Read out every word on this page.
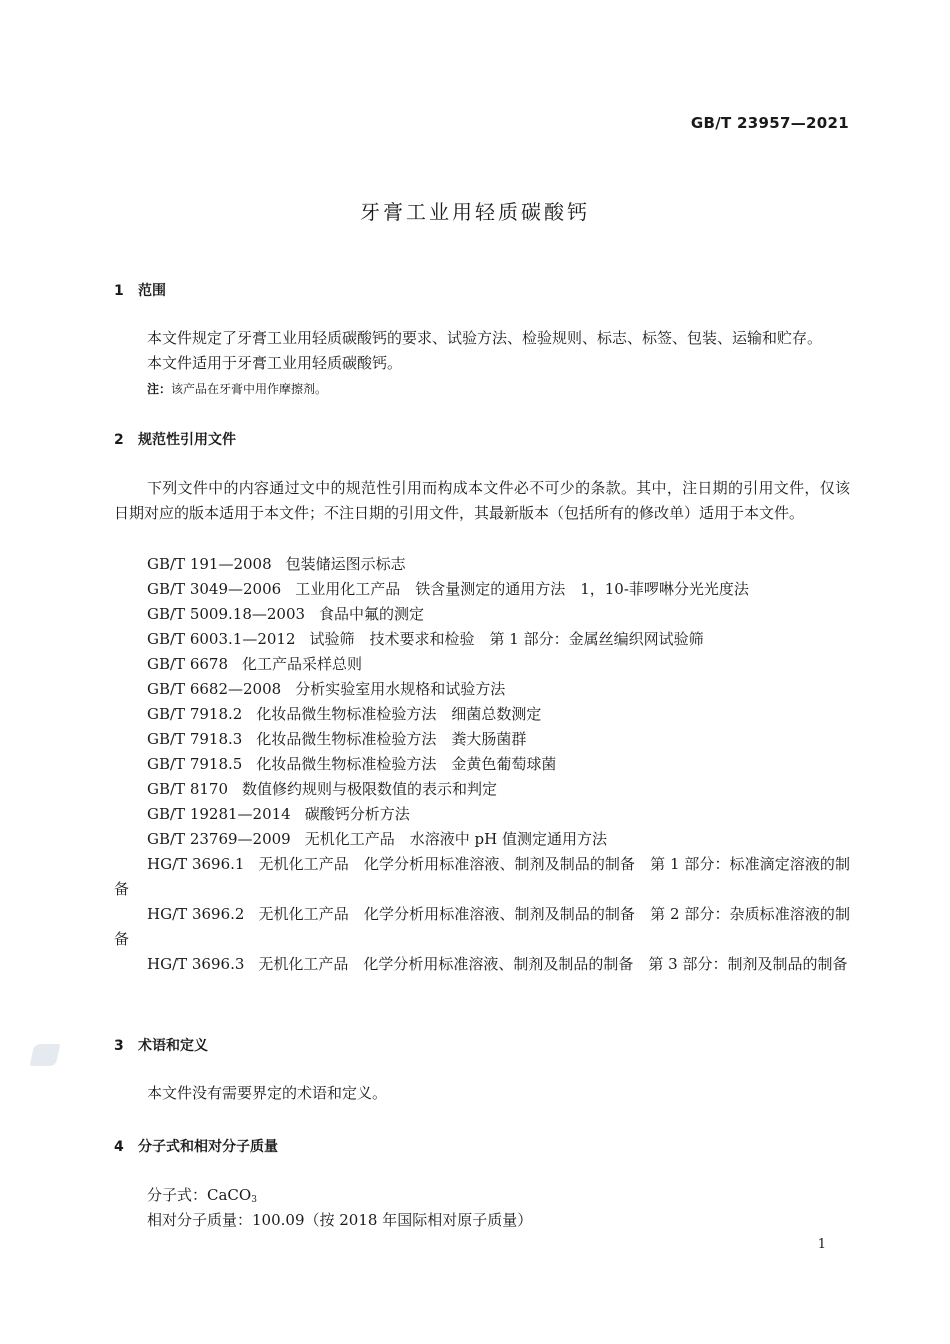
GB/T 23957—2021
牙膏工业用轻质碳酸钙
1 范围
本文件规定了牙膏工业用轻质碳酸钙的要求、试验方法、检验规则、标志、标签、包装、运输和贮存。
本文件适用于牙膏工业用轻质碳酸钙。
注：该产品在牙膏中用作摩擦剂。
2 规范性引用文件
下列文件中的内容通过文中的规范性引用而构成本文件必不可少的条款。其中，注日期的引用文件，仅该日期对应的版本适用于本文件；不注日期的引用文件，其最新版本（包括所有的修改单）适用于本文件。
GB/T 191—2008 包装储运图示标志
GB/T 3049—2006 工业用化工产品　铁含量测定的通用方法　1，10-菲啰啉分光光度法
GB/T 5009.18—2003 食品中氟的测定
GB/T 6003.1—2012 试验筛　技术要求和检验　第 1 部分：金属丝编织网试验筛
GB/T 6678 化工产品采样总则
GB/T 6682—2008 分析实验室用水规格和试验方法
GB/T 7918.2 化妆品微生物标准检验方法　细菌总数测定
GB/T 7918.3 化妆品微生物标准检验方法　粪大肠菌群
GB/T 7918.5 化妆品微生物标准检验方法　金黄色葡萄球菌
GB/T 8170 数值修约规则与极限数值的表示和判定
GB/T 19281—2014 碳酸钙分析方法
GB/T 23769—2009 无机化工产品　水溶液中 pH 值测定通用方法
HG/T 3696.1 无机化工产品　化学分析用标准溶液、制剂及制品的制备　第 1 部分：标准滴定溶液的制备
HG/T 3696.2 无机化工产品　化学分析用标准溶液、制剂及制品的制备　第 2 部分：杂质标准溶液的制备
HG/T 3696.3 无机化工产品　化学分析用标准溶液、制剂及制品的制备　第 3 部分：制剂及制品的制备
3 术语和定义
本文件没有需要界定的术语和定义。
4 分子式和相对分子质量
分子式：CaCO3
相对分子质量：100.09（按 2018 年国际相对原子质量）
1
